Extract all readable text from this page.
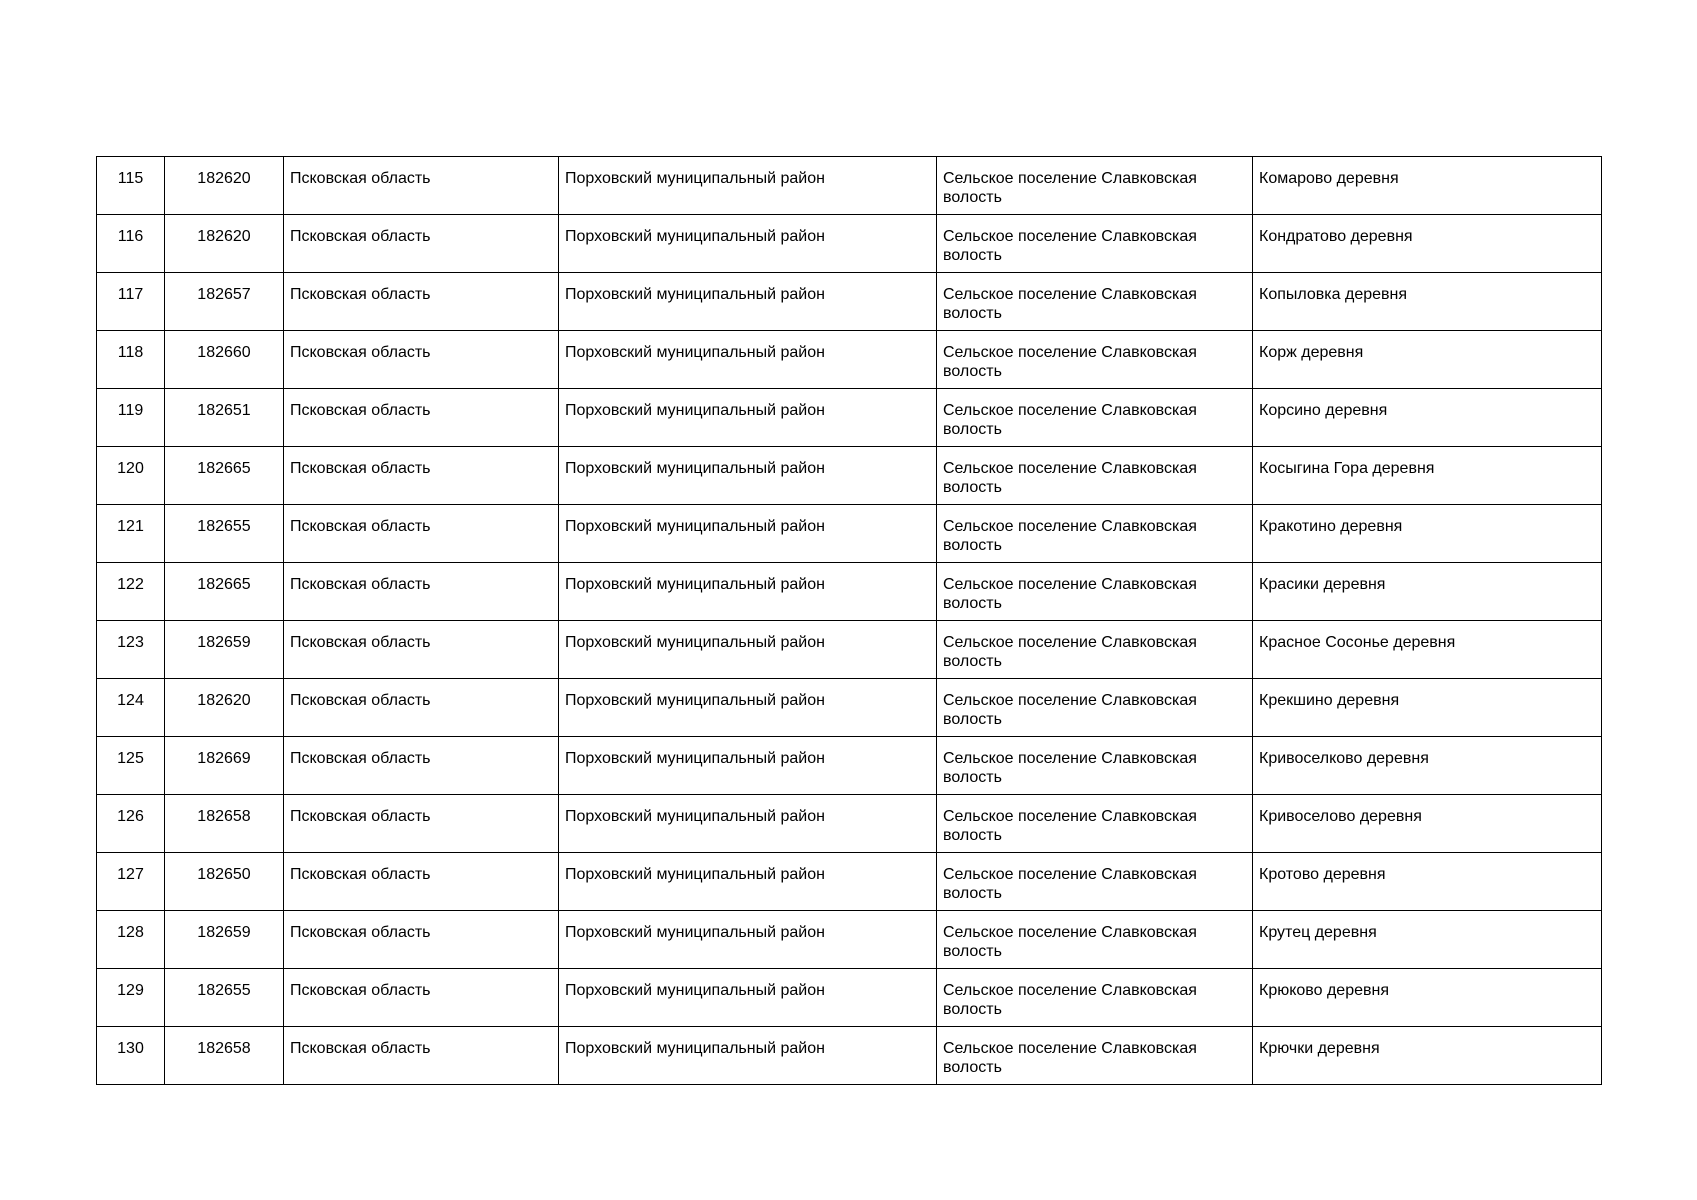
115	182620	Псковская область	Порховский муниципальный район	Сельское поселение Славковская волость	Комарово деревня
116	182620	Псковская область	Порховский муниципальный район	Сельское поселение Славковская волость	Кондратово деревня
117	182657	Псковская область	Порховский муниципальный район	Сельское поселение Славковская волость	Копыловка деревня
118	182660	Псковская область	Порховский муниципальный район	Сельское поселение Славковская волость	Корж деревня
119	182651	Псковская область	Порховский муниципальный район	Сельское поселение Славковская волость	Корсино деревня
120	182665	Псковская область	Порховский муниципальный район	Сельское поселение Славковская волость	Косыгина Гора деревня
121	182655	Псковская область	Порховский муниципальный район	Сельское поселение Славковская волость	Кракотино деревня
122	182665	Псковская область	Порховский муниципальный район	Сельское поселение Славковская волость	Красики деревня
123	182659	Псковская область	Порховский муниципальный район	Сельское поселение Славковская волость	Красное Сосонье деревня
124	182620	Псковская область	Порховский муниципальный район	Сельское поселение Славковская волость	Крекшино деревня
125	182669	Псковская область	Порховский муниципальный район	Сельское поселение Славковская волость	Кривоселково деревня
126	182658	Псковская область	Порховский муниципальный район	Сельское поселение Славковская волость	Кривоселово деревня
127	182650	Псковская область	Порховский муниципальный район	Сельское поселение Славковская волость	Кротово деревня
128	182659	Псковская область	Порховский муниципальный район	Сельское поселение Славковская волость	Крутец деревня
129	182655	Псковская область	Порховский муниципальный район	Сельское поселение Славковская волость	Крюково деревня
130	182658	Псковская область	Порховский муниципальный район	Сельское поселение Славковская волость	Крючки деревня
